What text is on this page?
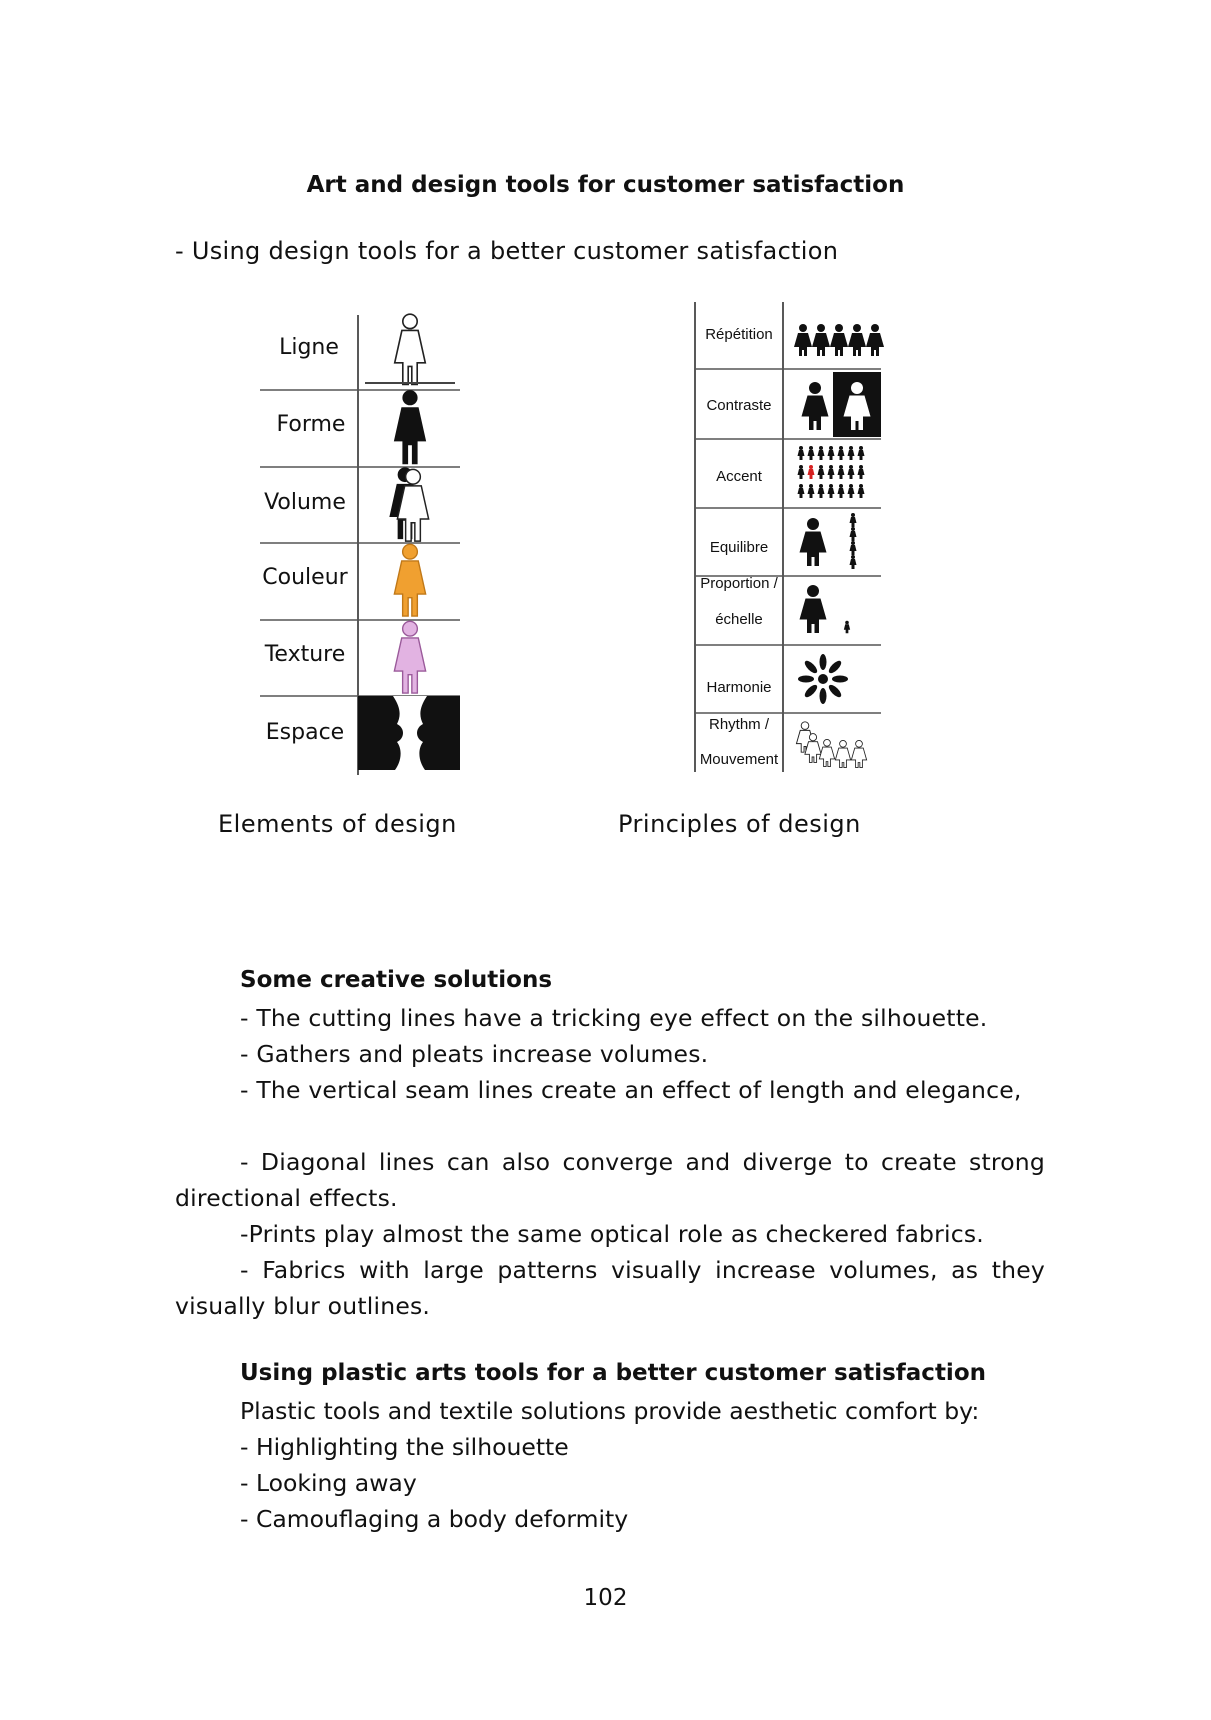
Art and design tools for customer satisfaction
- Using design tools for a better customer satisfaction
Ligne
Forme
Volume
Couleur
Texture
Espace
Répétition
Contraste
Accent
Equilibre
Proportion /
échelle
Harmonie
Rhythm /
Mouvement
Elements of design	Principles of design
Some creative solutions
- The cutting lines have a tricking eye effect on the silhouette.
- Gathers and pleats increase volumes.
- The vertical seam lines create an effect of length and elegance,
- Diagonal lines can also converge and diverge to create strong directional effects.
-Prints play almost the same optical role as checkered fabrics.
- Fabrics with large patterns visually increase volumes, as they visually blur outlines.
Using plastic arts tools for a better customer satisfaction
Plastic tools and textile solutions provide aesthetic comfort by:
- Highlighting the silhouette
- Looking away
- Camouflaging a body deformity
102
